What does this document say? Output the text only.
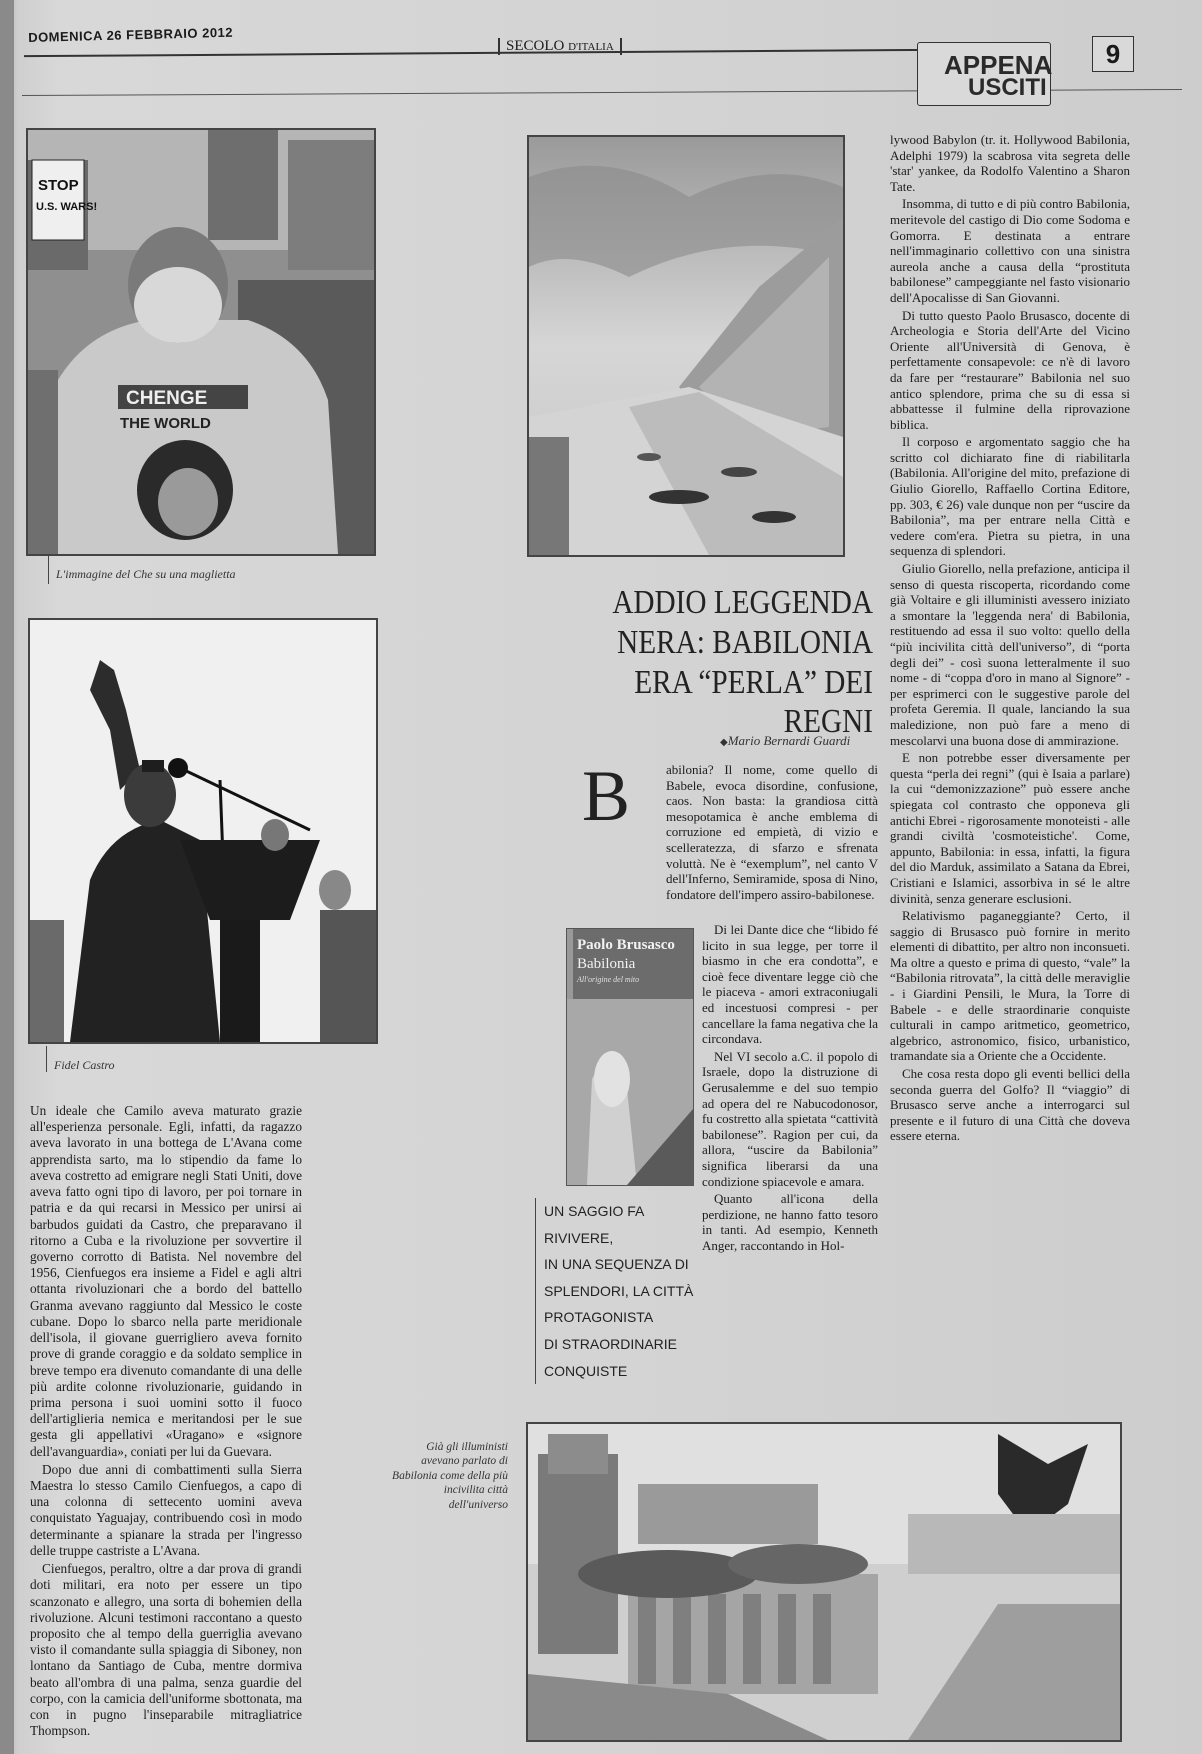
DOMENICA 26 FEBBRAIO 2012
SECOLO D'ITALIA
APPENA
USCITI
9
STOP
U.S. WARS!
CHENGE
THE WORLD
L'immagine del Che su una maglietta
Fidel Castro

Un ideale che Camilo aveva maturato grazie all'esperienza personale. Egli, infatti, da ragazzo aveva lavorato in una bottega de L'Avana come apprendista sarto, ma lo stipendio da fame lo aveva costretto ad emigrare negli Stati Uniti, dove aveva fatto ogni tipo di lavoro, per poi tornare in patria e da qui recarsi in Messico per unirsi ai barbudos guidati da Castro, che preparavano il ritorno a Cuba e la rivoluzione per sovvertire il governo corrotto di Batista. Nel novembre del 1956, Cienfuegos era insieme a Fidel e agli altri ottanta rivoluzionari che a bordo del battello Granma avevano raggiunto dal Messico le coste cubane. Dopo lo sbarco nella parte meridionale dell'isola, il giovane guerrigliero aveva fornito prove di grande coraggio e da soldato semplice in breve tempo era divenuto comandante di una delle più ardite colonne rivoluzionarie, guidando in prima persona i suoi uomini sotto il fuoco dell'artiglieria nemica e meritandosi per le sue gesta gli appellativi «Uragano» e «signore dell'avanguardia», coniati per lui da Guevara.

Dopo due anni di combattimenti sulla Sierra Maestra lo stesso Camilo Cienfuegos, a capo di una colonna di settecento uomini aveva conquistato Yaguajay, contribuendo così in modo determinante a spianare la strada per l'ingresso delle truppe castriste a L'Avana.

Cienfuegos, peraltro, oltre a dar prova di grandi doti militari, era noto per essere un tipo scanzonato e allegro, una sorta di bohemien della rivoluzione. Alcuni testimoni raccontano a questo proposito che al tempo della guerriglia avevano visto il comandante sulla spiaggia di Siboney, non lontano da Santiago de Cuba, mentre dormiva beato all'ombra di una palma, senza guardie del corpo, con la camicia dell'uniforme sbottonata, ma con in pugno l'inseparabile mitragliatrice Thompson.

ADDIO LEGGENDA NERA: BABILONIA ERA “PERLA” DEI REGNI
◆ Mario Bernardi Guardi
B	abilonia? Il nome, come quello di Babele, evoca disordine, confusione, caos. Non basta: la grandiosa città mesopotamica è anche emblema di corruzione ed empietà, di vizio e scelleratezza, di sfarzo e sfrenata voluttà. Ne è “exemplum”, nel canto V dell'Inferno, Semiramide, sposa di Nino, fondatore dell'impero assiro-babilonese.

Di lei Dante dice che “libido fé licito in sua legge, per torre il biasmo in che era condotta”, e cioè fece diventare legge ciò che le piaceva - amori extraconiugali ed incestuosi compresi - per cancellare la fama negativa che la circondava.

Nel VI secolo a.C. il popolo di Israele, dopo la distruzione di Gerusalemme e del suo tempio ad opera del re Nabucodonosor, fu costretto alla spietata “cattività babilonese”. Ragion per cui, da allora, “uscire da Babilonia” significa liberarsi da una condizione spiacevole e amara.

Quanto all'icona della perdizione, ne hanno fatto tesoro in tanti. Ad esempio, Kenneth Anger, raccontando in Hol-

lywood Babylon (tr. it. Hollywood Babilonia, Adelphi 1979) la scabrosa vita segreta delle 'star' yankee, da Rodolfo Valentino a Sharon Tate.

Insomma, di tutto e di più contro Babilonia, meritevole del castigo di Dio come Sodoma e Gomorra. E destinata a entrare nell'immaginario collettivo con una sinistra aureola anche a causa della “prostituta babilonese” campeggiante nel fasto visionario dell'Apocalisse di San Giovanni.

Di tutto questo Paolo Brusasco, docente di Archeologia e Storia dell'Arte del Vicino Oriente all'Università di Genova, è perfettamente consapevole: ce n'è di lavoro da fare per “restaurare” Babilonia nel suo antico splendore, prima che su di essa si abbattesse il fulmine della riprovazione biblica.

Il corposo e argomentato saggio che ha scritto col dichiarato fine di riabilitarla (Babilonia. All'origine del mito, prefazione di Giulio Giorello, Raffaello Cortina Editore, pp. 303, € 26) vale dunque non per “uscire da Babilonia”, ma per entrare nella Città e vedere com'era. Pietra su pietra, in una sequenza di splendori.

Giulio Giorello, nella prefazione, anticipa il senso di questa riscoperta, ricordando come già Voltaire e gli illuministi avessero iniziato a smontare la 'leggenda nera' di Babilonia, restituendo ad essa il suo volto: quello della “più incivilita città dell'universo”, di “porta degli dei” - così suona letteralmente il suo nome - di “coppa d'oro in mano al Signore” - per esprimerci con le suggestive parole del profeta Geremia. Il quale, lanciando la sua maledizione, non può fare a meno di mescolarvi una buona dose di ammirazione.

E non potrebbe esser diversamente per questa “perla dei regni” (qui è Isaia a parlare) la cui “demonizzazione” può essere anche spiegata col contrasto che opponeva gli antichi Ebrei - rigorosamente monoteisti - alle grandi civiltà 'cosmoteistiche'. Come, appunto, Babilonia: in essa, infatti, la figura del dio Marduk, assimilato a Satana da Ebrei, Cristiani e Islamici, assorbiva in sé le altre divinità, senza generare esclusioni.

Relativismo paganeggiante? Certo, il saggio di Brusasco può fornire in merito elementi di dibattito, per altro non inconsueti. Ma oltre a questo e prima di questo, “vale” la “Babilonia ritrovata”, la città delle meraviglie - i Giardini Pensili, le Mura, la Torre di Babele - e delle straordinarie conquiste culturali in campo aritmetico, geometrico, algebrico, astronomico, fisico, urbanistico, tramandate sia a Oriente che a Occidente.

Che cosa resta dopo gli eventi bellici della seconda guerra del Golfo? Il “viaggio” di Brusasco serve anche a interrogarci sul presente e il futuro di una Città che doveva essere eterna.

Paolo Brusasco
Babilonia
All'origine del mito
UN SAGGIO FA RIVIVERE,
IN UNA SEQUENZA DI
SPLENDORI, LA CITTÀ
PROTAGONISTA
DI STRAORDINARIE
CONQUISTE
Già gli illuministi avevano parlato di Babilonia come della più incivilita città dell'universo
